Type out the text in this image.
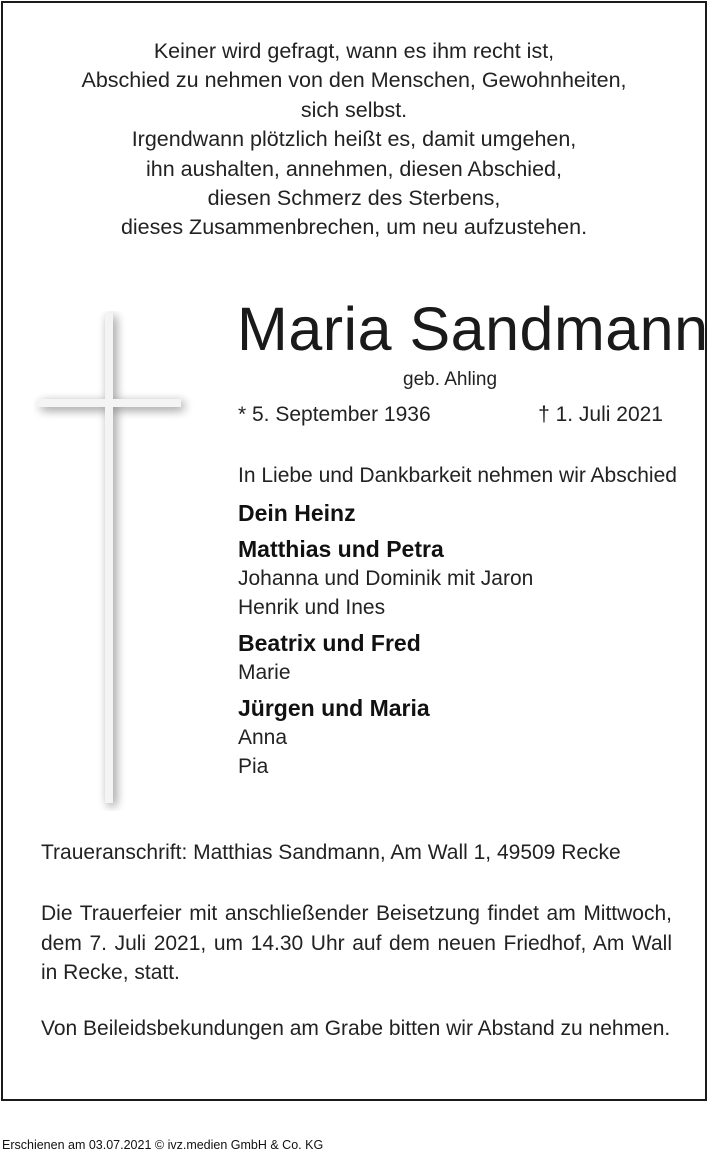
Keiner wird gefragt, wann es ihm recht ist,
Abschied zu nehmen von den Menschen, Gewohnheiten,
sich selbst.
Irgendwann plötzlich heißt es, damit umgehen,
ihn aushalten, annehmen, diesen Abschied,
diesen Schmerz des Sterbens,
dieses Zusammenbrechen, um neu aufzustehen.
Maria Sandmann
geb. Ahling
* 5. September 1936	† 1. Juli 2021
In Liebe und Dankbarkeit nehmen wir Abschied
Dein Heinz
Matthias und Petra
Johanna und Dominik mit Jaron
Henrik und Ines
Beatrix und Fred
Marie
Jürgen und Maria
Anna
Pia
Traueranschrift: Matthias Sandmann, Am Wall 1, 49509 Recke
Die Trauerfeier mit anschließender Beisetzung findet am Mittwoch, dem 7. Juli 2021, um 14.30 Uhr auf dem neuen Friedhof, Am Wall in Recke, statt.
Von Beileidsbekundungen am Grabe bitten wir Abstand zu nehmen.
Erschienen am 03.07.2021 © ivz.medien GmbH & Co. KG
